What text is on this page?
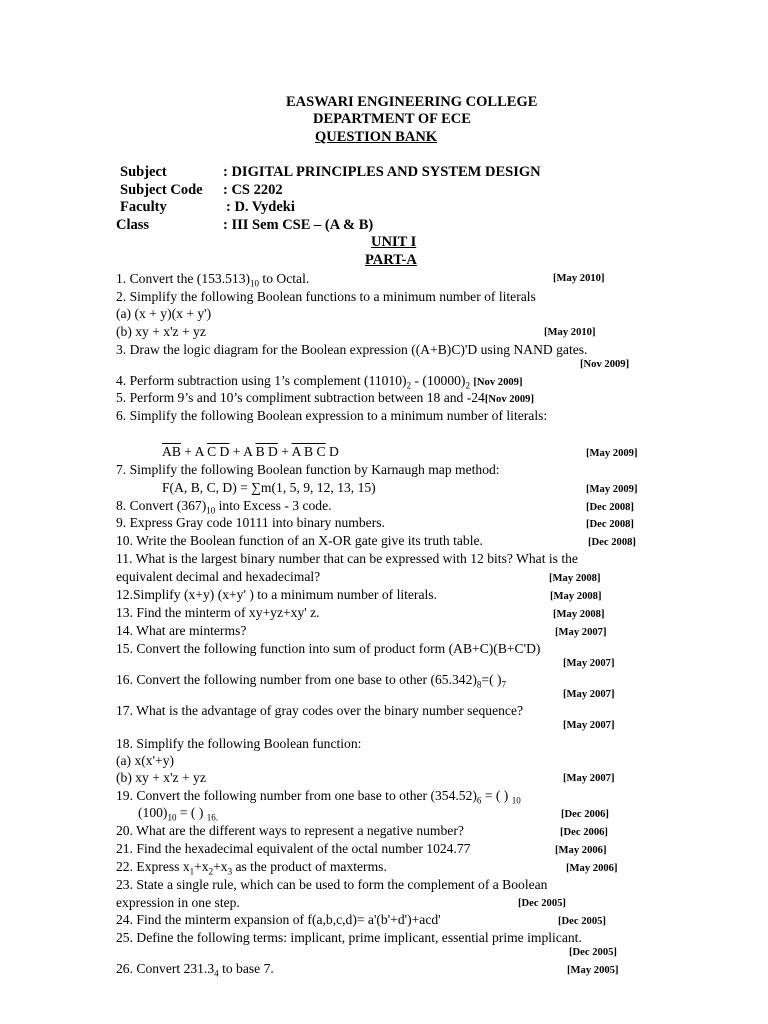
EASWARI ENGINEERING COLLEGE
DEPARTMENT OF ECE
QUESTION BANK
Subject	: DIGITAL PRINCIPLES AND SYSTEM DESIGN
Subject Code : CS 2202
Faculty	: D. Vydeki
Class	: III Sem CSE – (A & B)
UNIT I
PART-A
1. Convert the $(153.513)_{10}$ to Octal.	[May 2010]
2. Simplify the following Boolean functions to a minimum number of literals
(a) (x + y)(x + y')
(b) xy + x'z + yz	[May 2010]
3. Draw the logic diagram for the Boolean expression ((A+B)C)'D using NAND gates.
[Nov 2009]
4. Perform subtraction using 1’s complement $(11010)_2 - (10000)_2$ [Nov 2009]
5. Perform 9’s and 10’s compliment subtraction between 18 and -24[Nov 2009]
6. Simplify the following Boolean expression to a minimum number of literals:
$\overline{AB} + A$ C D + A B D + A B C D	[May 2009]
7. Simplify the following Boolean function by Karnaugh map method:
F(A, B, C, D) = ∑m(1, 5, 9, 12, 13, 15)	[May 2009]
8. Convert $(367)_{10}$ into Excess - 3 code.	[Dec 2008]
9. Express Gray code 10111 into binary numbers.	[Dec 2008]
10. Write the Boolean function of an X-OR gate give its truth table.	[Dec 2008]
11. What is the largest binary number that can be expressed with 12 bits? What is the
equivalent decimal and hexadecimal?	[May 2008]
12.Simplify (x+y) (x+y' ) to a minimum number of literals.	[May 2008]
13. Find the minterm of xy+yz+xy' z.	[May 2008]
14. What are minterms?	[May 2007]
15. Convert the following function into sum of product form (AB+C)(B+C'D)
[May 2007]
16. Convert the following number from one base to other $(65.342)_8=$( )$_7$
[May 2007]
17. What is the advantage of gray codes over the binary number sequence?
[May 2007]
18. Simplify the following Boolean function:
(a) x(x'+y)
(b) xy + x'z + yz	[May 2007]
19. Convert the following number from one base to other $(354.52)_6$ = ( ) $_{10}$
$(100)_{10}$ = ( ) $_{16.}$	[Dec 2006]
20. What are the different ways to represent a negative number?	[Dec 2006]
21. Find the hexadecimal equivalent of the octal number 1024.77	[May 2006]
22. Express $x_1+x_2+x_3$ as the product of maxterms.	[May 2006]
23. State a single rule, which can be used to form the complement of a Boolean
expression in one step.	[Dec 2005]
24. Find the minterm expansion of f(a,b,c,d)= a'(b'+d')+acd'	[Dec 2005]
25. Define the following terms: implicant, prime implicant, essential prime implicant.
[Dec 2005]
26. Convert $231.3_4$ to base 7.	[May 2005]
